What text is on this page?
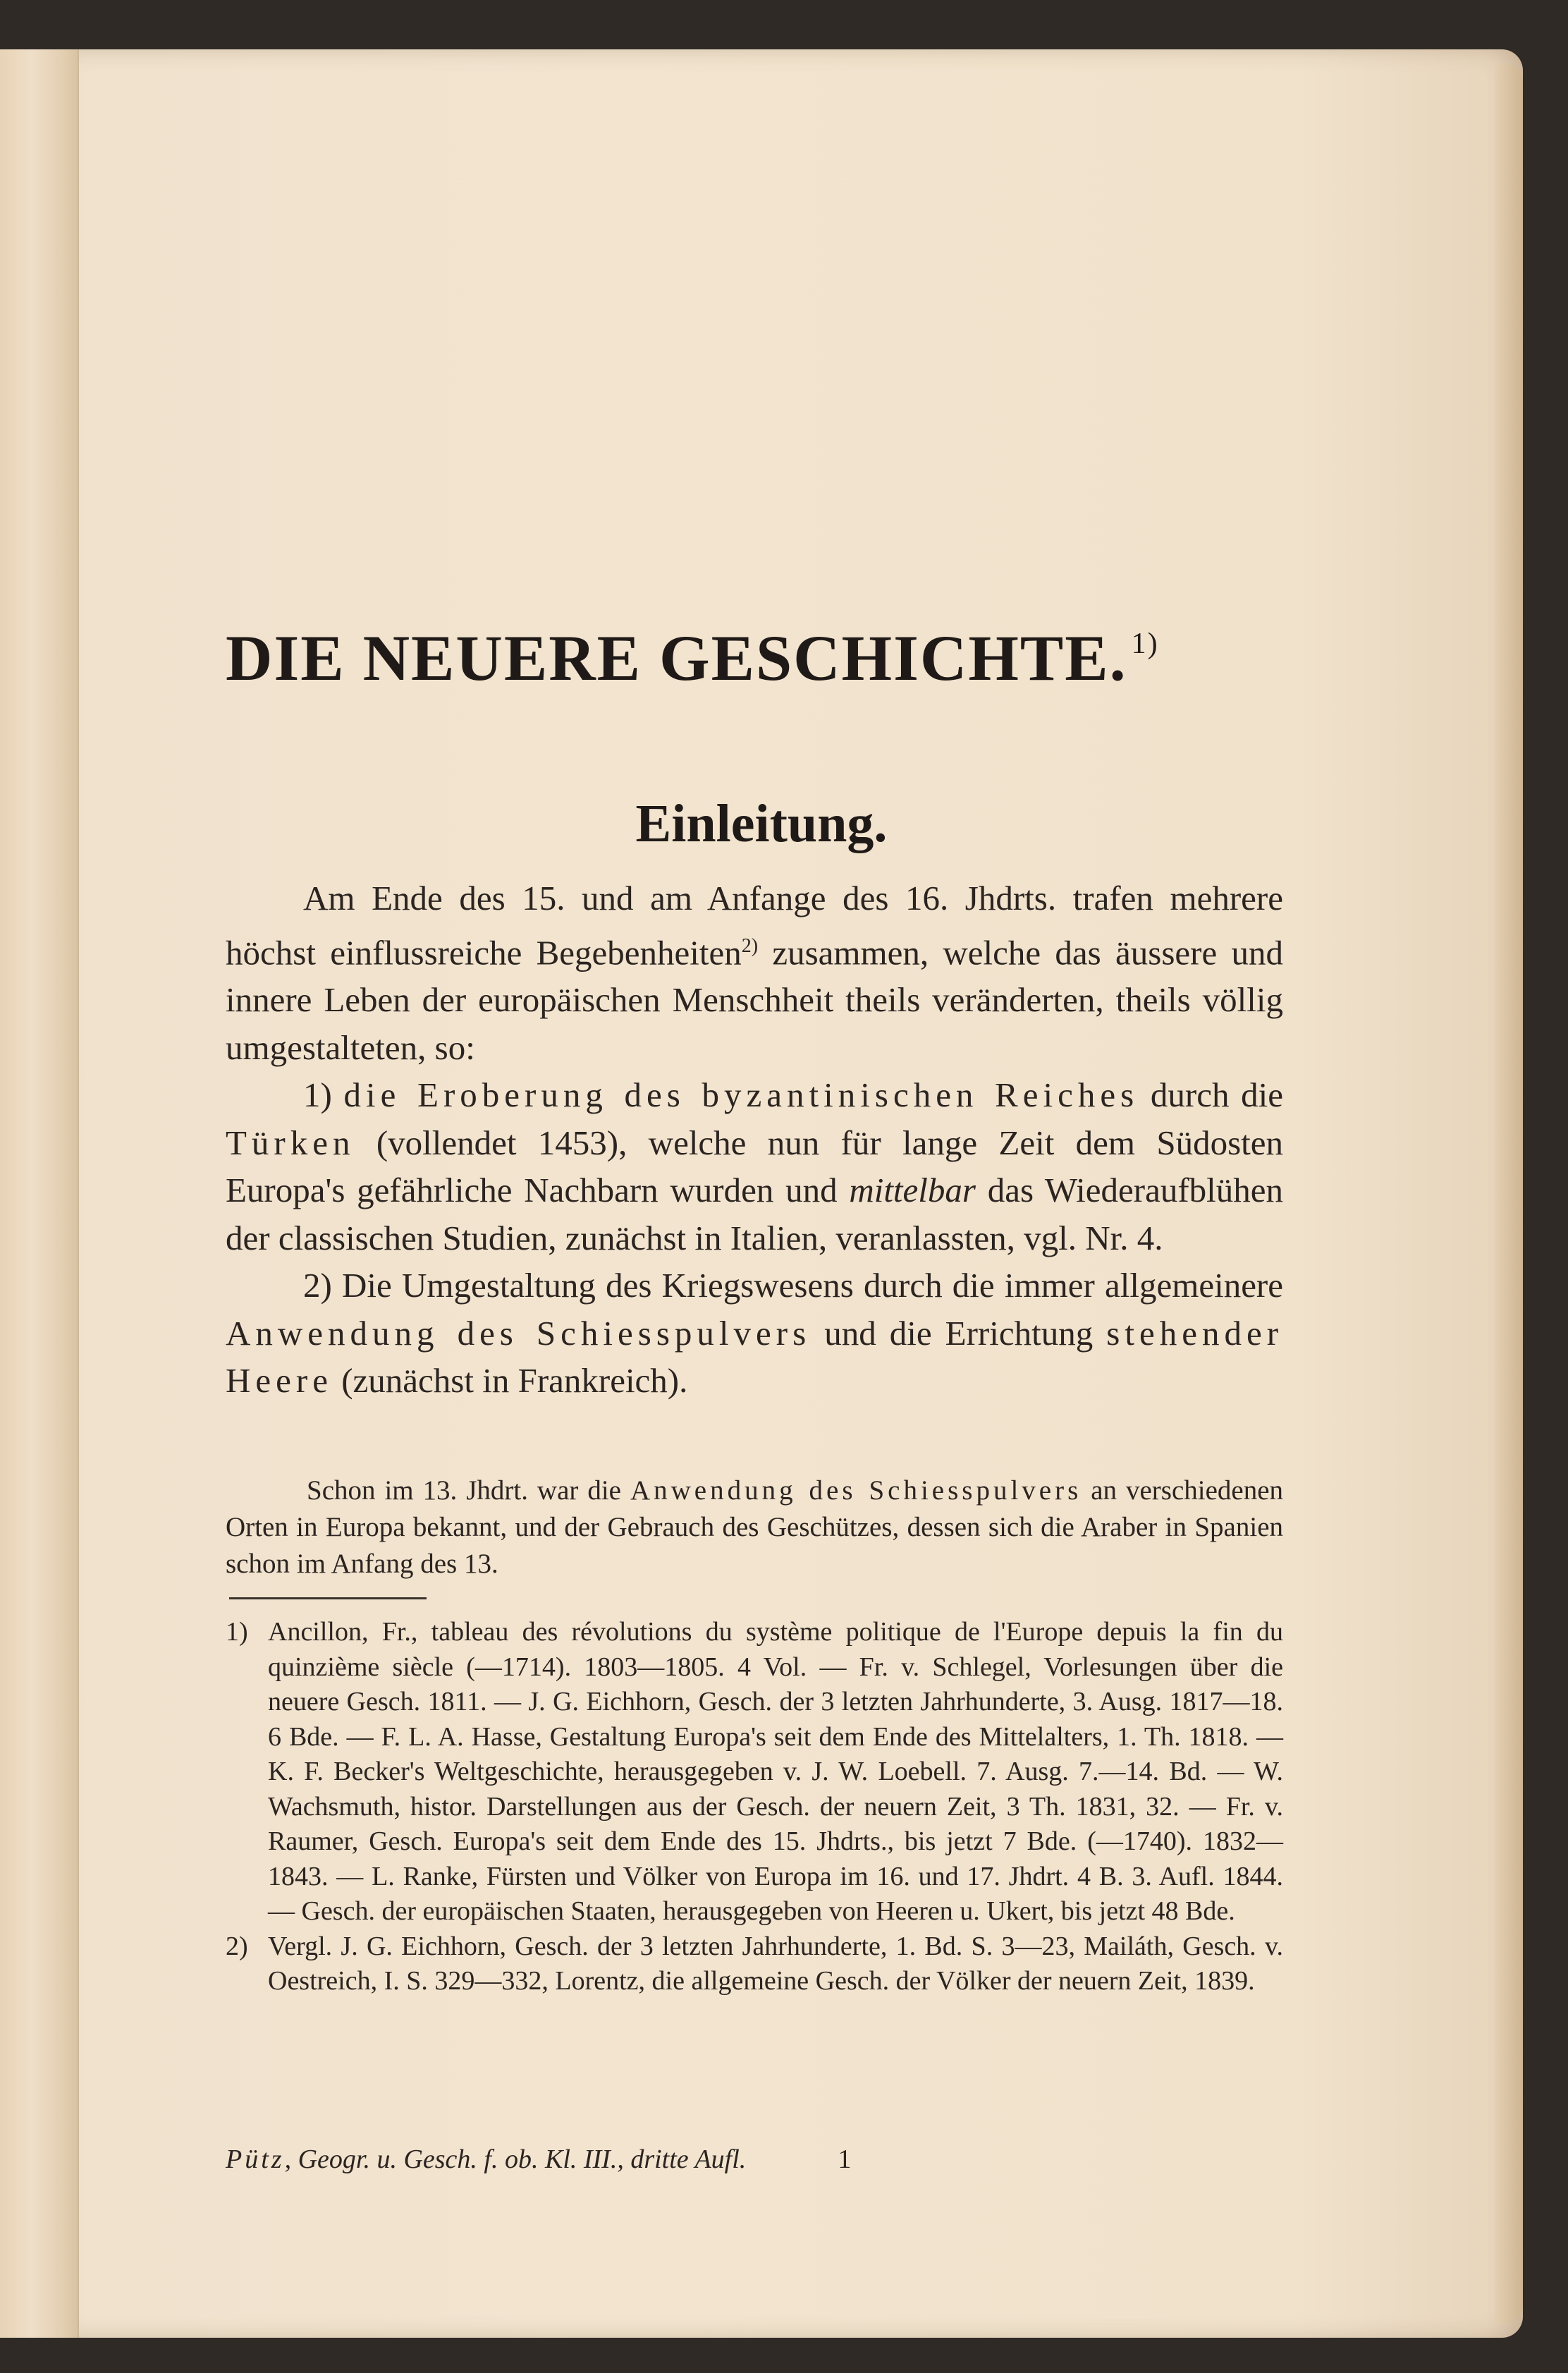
DIE NEUERE GESCHICHTE. $^{1)}$
Einleitung.

Am Ende des 15. und am Anfange des 16. Jhdrts. trafen mehrere höchst einflussreiche Begebenheiten$^{2)}$ zusammen, welche das äussere und innere Leben der europäischen Menschheit theils veränderten, theils völlig umgestalteten, so:

1) die Eroberung des byzantinischen Reiches durch die Türken (vollendet 1453), welche nun für lange Zeit dem Südosten Europa's gefährliche Nachbarn wurden und mittelbar das Wiederaufblühen der classischen Studien, zunächst in Italien, veranlassten, vgl. Nr. 4.

2) Die Umgestaltung des Kriegswesens durch die immer allgemeinere Anwendung des Schiesspulvers und die Errichtung stehender Heere (zunächst in Frankreich).

Schon im 13. Jhdrt. war die Anwendung des Schiesspulvers an verschiedenen Orten in Europa bekannt, und der Gebrauch des Geschützes, dessen sich die Araber in Spanien schon im Anfang des 13.

1) Ancillon, Fr., tableau des révolutions du système politique de l'Europe depuis la fin du quinzième siècle (—1714). 1803—1805. 4 Vol. — Fr. v. Schlegel, Vorlesungen über die neuere Gesch. 1811. — J. G. Eichhorn, Gesch. der 3 letzten Jahrhunderte, 3. Ausg. 1817—18. 6 Bde. — F. L. A. Hasse, Gestaltung Europa's seit dem Ende des Mittelalters, 1. Th. 1818. — K. F. Becker's Weltgeschichte, herausgegeben v. J. W. Loebell. 7. Ausg. 7.—14. Bd. — W. Wachsmuth, histor. Darstellungen aus der Gesch. der neuern Zeit, 3 Th. 1831, 32. — Fr. v. Raumer, Gesch. Europa's seit dem Ende des 15. Jhdrts., bis jetzt 7 Bde. (—1740). 1832—1843. — L. Ranke, Fürsten und Völker von Europa im 16. und 17. Jhdrt. 4 B. 3. Aufl. 1844. — Gesch. der europäischen Staaten, herausgegeben von Heeren u. Ukert, bis jetzt 48 Bde.
2) Vergl. J. G. Eichhorn, Gesch. der 3 letzten Jahrhunderte, 1. Bd. S. 3—23, Mailáth, Gesch. v. Oestreich, I. S. 329—332, Lorentz, die allgemeine Gesch. der Völker der neuern Zeit, 1839.
Pütz, Geogr. u. Gesch. f. ob. Kl. III., dritte Aufl.	1
